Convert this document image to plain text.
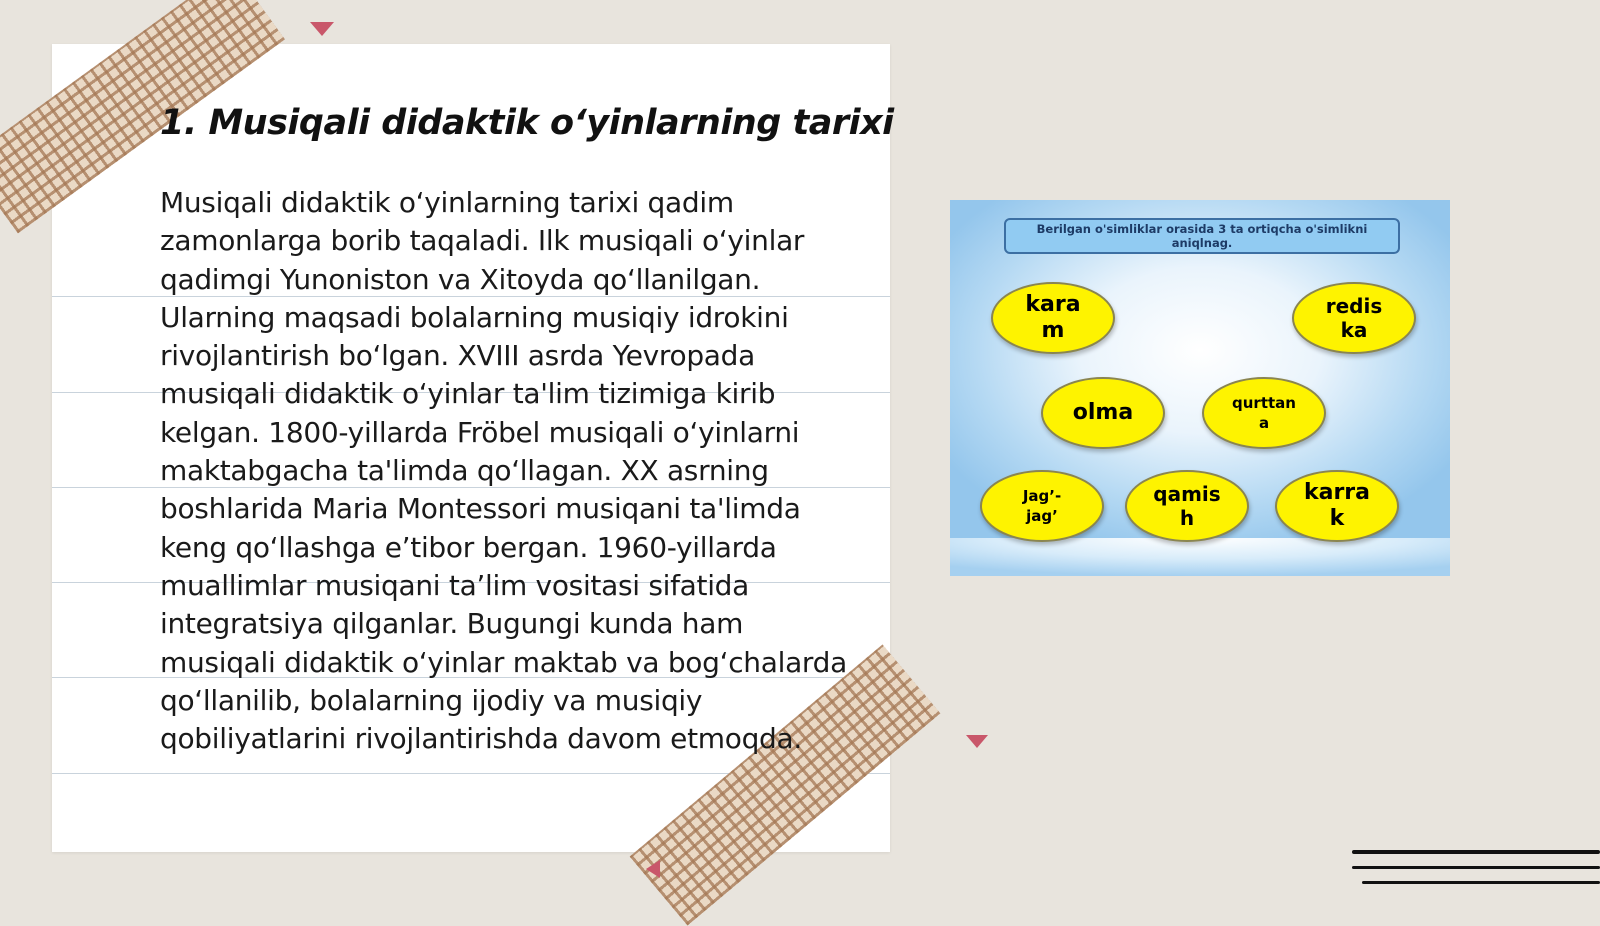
1. Musiqali didaktik o‘yinlarning tarixi

Musiqali didaktik o‘yinlarning tarixi qadim zamonlarga borib taqaladi. Ilk musiqali o‘yinlar qadimgi Yunoniston va Xitoyda qo‘llanilgan. Ularning maqsadi bolalarning musiqiy idrokini rivojlantirish bo‘lgan. XVIII asrda Yevropada musiqali didaktik o‘yinlar ta'lim tizimiga kirib kelgan. 1800-yillarda Fröbel musiqali o‘yinlarni maktabgacha ta'limda qo‘llagan. XX asrning boshlarida Maria Montessori musiqani ta'limda keng qo‘llashga e’tibor bergan. 1960-yillarda muallimlar musiqani ta’lim vositasi sifatida integratsiya qilganlar. Bugungi kunda ham musiqali didaktik o‘yinlar maktab va bog‘chalarda qo‘llanilib, bolalarning ijodiy va musiqiy qobiliyatlarini rivojlantirishda davom etmoqda.

Berilgan o'simliklar orasida 3 ta ortiqcha o'simlikni aniqlnag.
kara
m
redis
ka
olma	qurttan
a
Jag’-
jag’
qamis
h
karra
k
